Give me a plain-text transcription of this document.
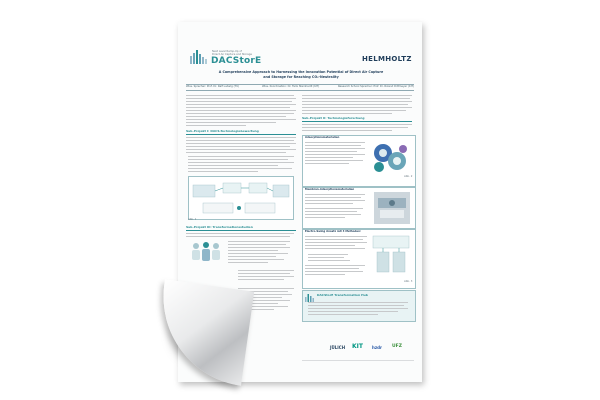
Next Level Ramp-Up of
Direct Air Capture and Storage
DACStorE	HELMHOLTZ
A Comprehensive Approach to Harnessing the Innovation Potential of Direct Air Capture
and Storage for Reaching CO₂-Neutrality
Wiss. Sprecher: Prof. Dr. Ralf Ludwig (TU)	Wiss. Koordination: Dr. Felix Steinhardt (KIT)	Research School Sprecher: Prof. Dr. Roland Dittmeyer (KIT)
Sub-Projekt I: DACS-Technologiebewertung
Abb. 1
Sub-Projekt III: Transformationsstudien
Sub-Projekt II: Technologieforschung
Adsorptionsmaterialien
Abb. 2
Membran-Adsorptionsmaterialien
Electro-Swing Ansatz mit 3 Methoden:
Abb. 3
DACStorE Transformation Hub
JÜLICH KIT hzdr UFZ
